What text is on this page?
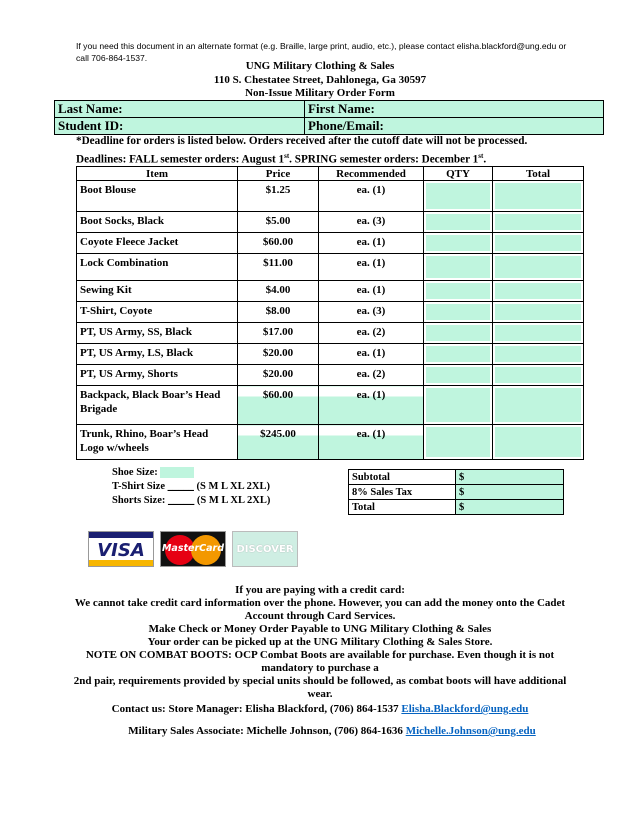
If you need this document in an alternate format (e.g. Braille, large print, audio, etc.), please contact elisha.blackford@ung.edu or call 706-864-1537.
UNG Military Clothing & Sales
110 S. Chestatee Street, Dahlonega, Ga 30597
Non-Issue Military Order Form
Last Name:	First Name:
Student ID:	Phone/Email:
*Deadline for orders is listed below. Orders received after the cutoff date will not be processed.
Deadlines: FALL semester orders: August 1st. SPRING semester orders: December 1st.
Item	Price	Recommended	QTY	Total
Boot Blouse	$1.25	ea. (1)	

Boot Socks, Black	$5.00	ea. (3)	

Coyote Fleece Jacket	$60.00	ea. (1)	

Lock Combination	$11.00	ea. (1)	

Sewing Kit	$4.00	ea. (1)	

T-Shirt, Coyote	$8.00	ea. (3)	

PT, US Army, SS, Black	$17.00	ea. (2)	

PT, US Army, LS, Black	$20.00	ea. (1)	

PT, US Army, Shorts	$20.00	ea. (2)	

Backpack, Black Boar’s Head Brigade	$60.00	ea. (1)	

Trunk, Rhino, Boar’s Head Logo w/wheels	$245.00	ea. (1)	

Shoe Size:
T-Shirt Size _____ (S M L XL 2XL)
Shorts Size: _____ (S M L XL 2XL)
Subtotal	$
8% Sales Tax	$
Total	$
VISA	MasterCard	DISCOVER
If you are paying with a credit card:
We cannot take credit card information over the phone. However, you can add the money onto the Cadet Account through Card Services.
Make Check or Money Order Payable to UNG Military Clothing & Sales
Your order can be picked up at the UNG Military Clothing & Sales Store.
NOTE ON COMBAT BOOTS: OCP Combat Boots are available for purchase. Even though it is not mandatory to purchase a
2nd pair, requirements provided by special units should be followed, as combat boots will have additional wear.
Contact us: Store Manager: Elisha Blackford, (706) 864-1537 Elisha.Blackford@ung.edu
Military Sales Associate: Michelle Johnson, (706) 864-1636 Michelle.Johnson@ung.edu
